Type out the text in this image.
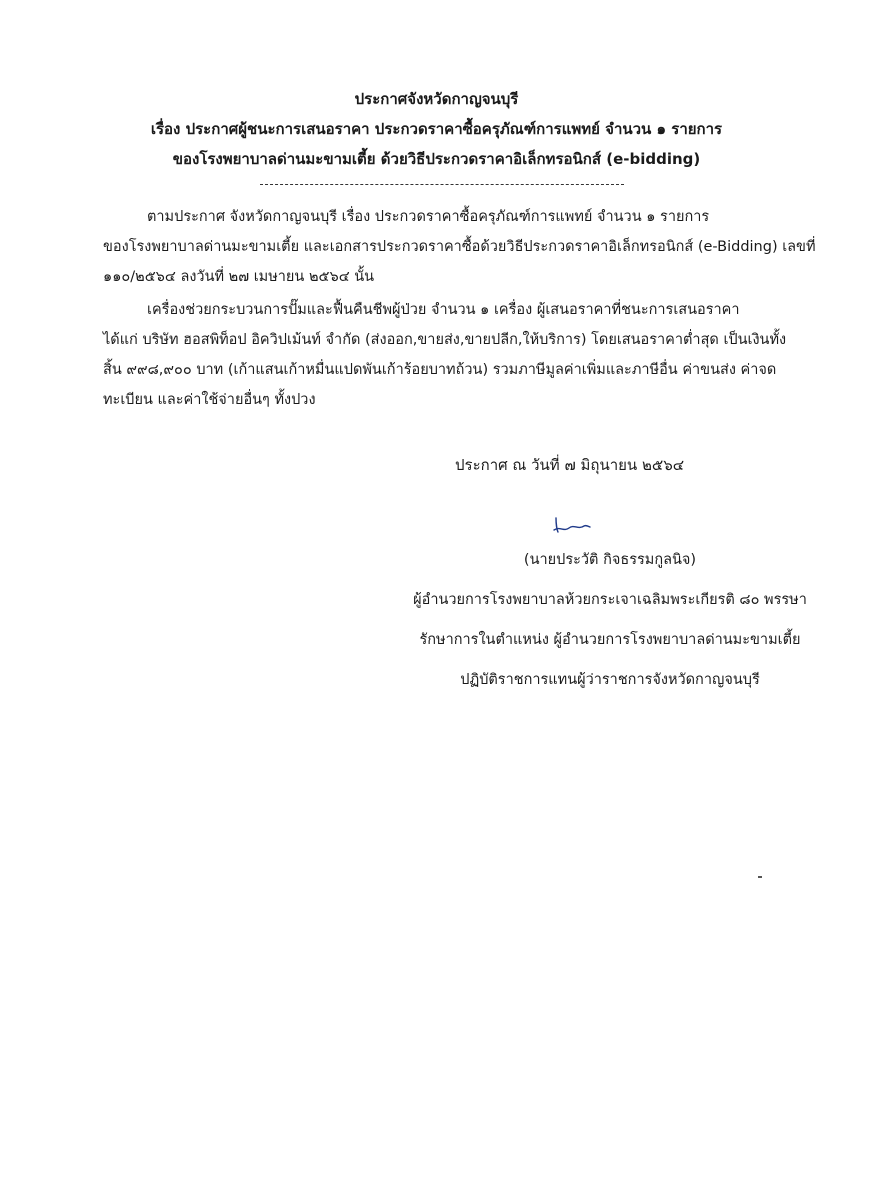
ประกาศจังหวัดกาญจนบุรี
เรื่อง ประกาศผู้ชนะการเสนอราคา ประกวดราคาซื้อครุภัณฑ์การแพทย์ จำนวน ๑ รายการ
ของโรงพยาบาลด่านมะขามเตี้ย ด้วยวิธีประกวดราคาอิเล็กทรอนิกส์ (e-bidding)
ตามประกาศ จังหวัดกาญจนบุรี เรื่อง ประกวดราคาซื้อครุภัณฑ์การแพทย์ จำนวน ๑ รายการ
ของโรงพยาบาลด่านมะขามเตี้ย และเอกสารประกวดราคาซื้อด้วยวิธีประกวดราคาอิเล็กทรอนิกส์ (e-Bidding) เลขที่
๑๑๐/๒๕๖๔ ลงวันที่ ๒๗ เมษายน ๒๕๖๔ นั้น
เครื่องช่วยกระบวนการปั๊มและฟื้นคืนชีพผู้ป่วย จำนวน ๑ เครื่อง ผู้เสนอราคาที่ชนะการเสนอราคา
ได้แก่ บริษัท ฮอสพิท็อป อิควิปเม้นท์ จำกัด (ส่งออก,ขายส่ง,ขายปลีก,ให้บริการ) โดยเสนอราคาต่ำสุด เป็นเงินทั้ง
สิ้น ๙๙๘,๙๐๐ บาท (เก้าแสนเก้าหมื่นแปดพันเก้าร้อยบาทถ้วน) รวมภาษีมูลค่าเพิ่มและภาษีอื่น ค่าขนส่ง ค่าจด
ทะเบียน และค่าใช้จ่ายอื่นๆ ทั้งปวง
ประกาศ ณ วันที่ ๗ มิถุนายน ๒๕๖๔
(นายประวัติ กิจธรรมกูลนิจ)
ผู้อำนวยการโรงพยาบาลห้วยกระเจาเฉลิมพระเกียรติ ๘๐ พรรษา
รักษาการในตำแหน่ง ผู้อำนวยการโรงพยาบาลด่านมะขามเตี้ย
ปฏิบัติราชการแทนผู้ว่าราชการจังหวัดกาญจนบุรี
